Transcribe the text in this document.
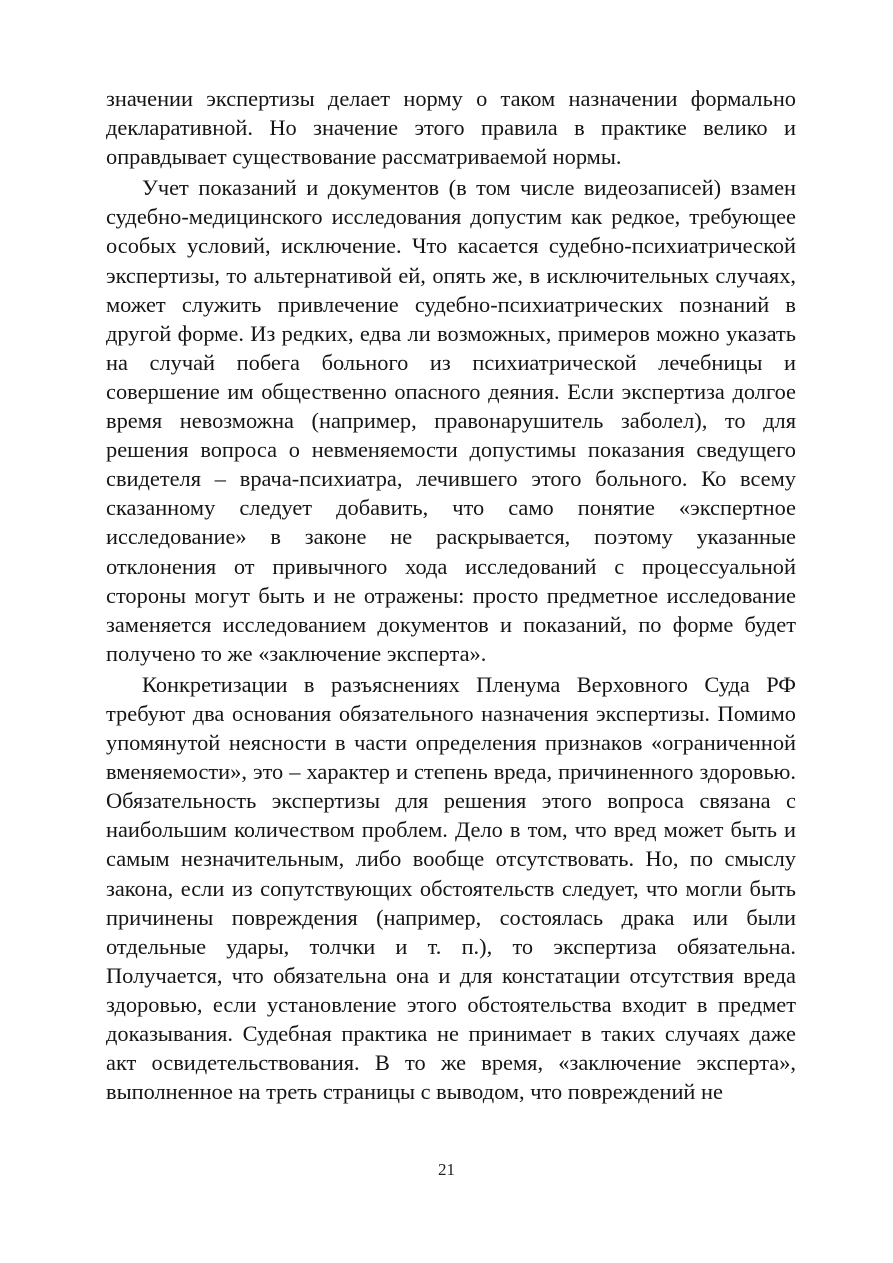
значении экспертизы делает норму о таком назначении формально декларативной. Но значение этого правила в практике велико и оправдывает существование рассматриваемой нормы.

Учет показаний и документов (в том числе видеозаписей) взамен судебно-медицинского исследования допустим как редкое, требующее особых условий, исключение. Что касается судебно-психиатрической экспертизы, то альтернативой ей, опять же, в исключительных случаях, может служить привлечение судебно-психиатрических познаний в другой форме. Из редких, едва ли возможных, примеров можно указать на случай побега больного из психиатрической лечебницы и совершение им общественно опасного деяния. Если экспертиза долгое время невозможна (например, правонарушитель заболел), то для решения вопроса о невменяемости допустимы показания сведущего свидетеля – врача-психиатра, лечившего этого больного. Ко всему сказанному следует добавить, что само понятие «экспертное исследование» в законе не раскрывается, поэтому указанные отклонения от привычного хода исследований с процессуальной стороны могут быть и не отражены: просто предметное исследование заменяется исследованием документов и показаний, по форме будет получено то же «заключение эксперта».

Конкретизации в разъяснениях Пленума Верховного Суда РФ требуют два основания обязательного назначения экспертизы. Помимо упомянутой неясности в части определения признаков «ограниченной вменяемости», это – характер и степень вреда, причиненного здоровью. Обязательность экспертизы для решения этого вопроса связана с наибольшим количеством проблем. Дело в том, что вред может быть и самым незначительным, либо вообще отсутствовать. Но, по смыслу закона, если из сопутствующих обстоятельств следует, что могли быть причинены повреждения (например, состоялась драка или были отдельные удары, толчки и т. п.), то экспертиза обязательна. Получается, что обязательна она и для констатации отсутствия вреда здоровью, если установление этого обстоятельства входит в предмет доказывания. Судебная практика не принимает в таких случаях даже акт освидетельствования. В то же время, «заключение эксперта», выполненное на треть страницы с выводом, что повреждений не

21
